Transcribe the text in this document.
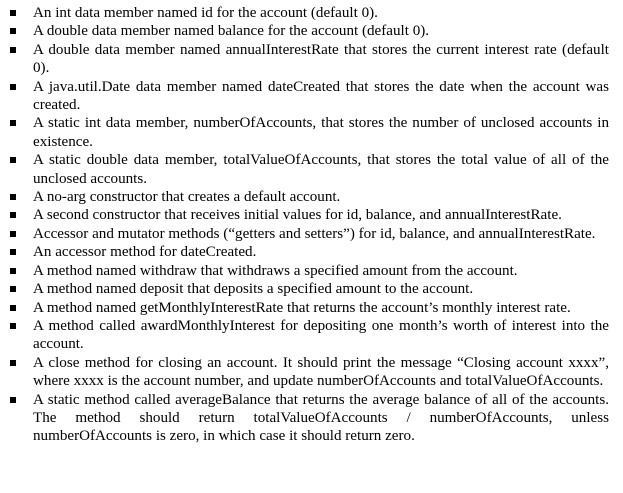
An int data member named id for the account (default 0).
A double data member named balance for the account (default 0).
A double data member named annualInterestRate that stores the current interest rate (default 0).
A java.util.Date data member named dateCreated that stores the date when the account was created.
A static int data member, numberOfAccounts, that stores the number of unclosed accounts in existence.
A static double data member, totalValueOfAccounts, that stores the total value of all of the unclosed accounts.
A no-arg constructor that creates a default account.
A second constructor that receives initial values for id, balance, and annualInterestRate.
Accessor and mutator methods (“getters and setters”) for id, balance, and annualInterestRate.
An accessor method for dateCreated.
A method named withdraw that withdraws a specified amount from the account.
A method named deposit that deposits a specified amount to the account.
A method named getMonthlyInterestRate that returns the account’s monthly interest rate.
A method called awardMonthlyInterest for depositing one month’s worth of interest into the account.
A close method for closing an account. It should print the message “Closing account xxxx”, where xxxx is the account number, and update numberOfAccounts and totalValueOfAccounts.
A static method called averageBalance that returns the average balance of all of the accounts. The method should return totalValueOfAccounts / numberOfAccounts, unless numberOfAccounts is zero, in which case it should return zero.
